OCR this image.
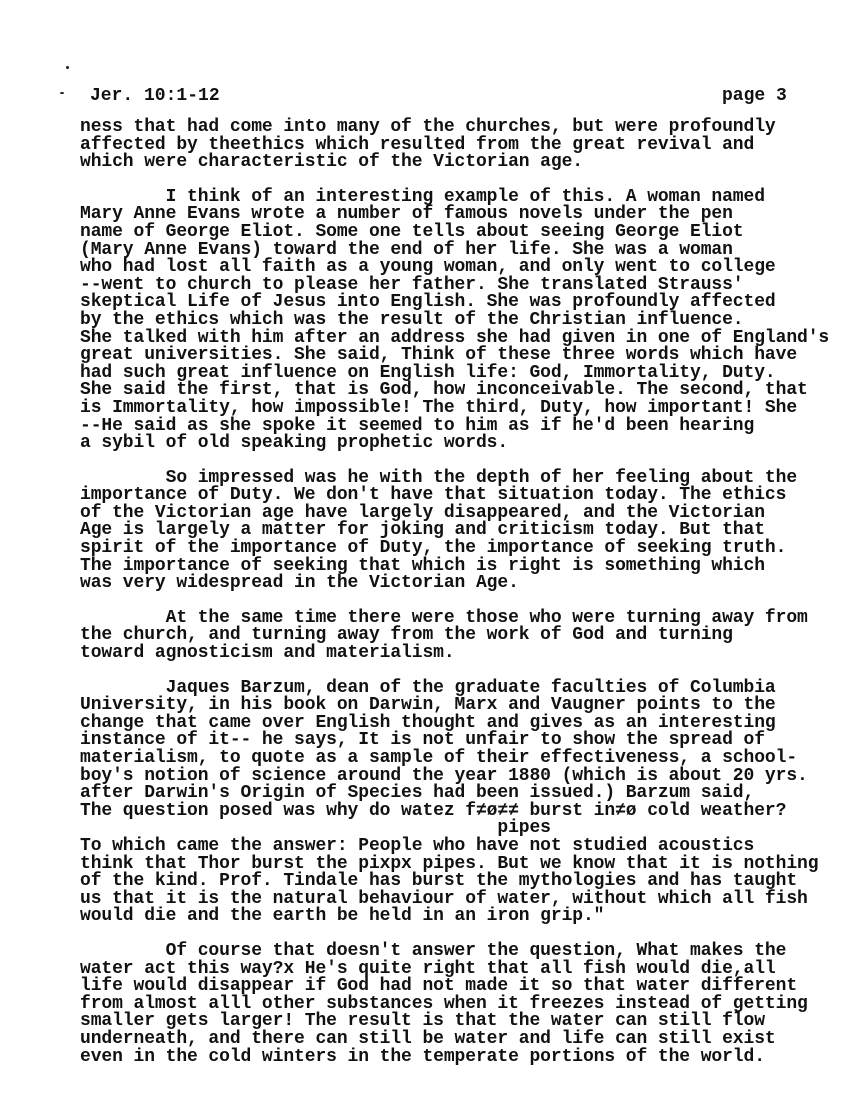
Jer. 10:1-12	page 3
ness that had come into many of the churches, but were profoundly
affected by theethics which resulted from the great revival and
which were characteristic of the Victorian age.
I think of an interesting example of this. A woman named
Mary Anne Evans wrote a number of famous novels under the pen
name of George Eliot. Some one tells about seeing George Eliot
(Mary Anne Evans) toward the end of her life. She was a woman
who had lost all faith as a young woman, and only went to college
--went to church to please her father. She translated Strauss'
skeptical Life of Jesus into English. She was profoundly affected
by the ethics which was the result of the Christian influence.
She talked with him after an address she had given in one of England's
great universities. She said, Think of these three words which have
had such great influence on English life: God, Immortality, Duty.
She said the first, that is God, how inconceivable. The second, that
is Immortality, how impossible! The third, Duty, how important! She
--He said as she spoke it seemed to him as if he'd been hearing
a sybil of old speaking prophetic words.
So impressed was he with the depth of her feeling about the
importance of Duty. We don't have that situation today. The ethics
of the Victorian age have largely disappeared, and the Victorian
Age is largely a matter for joking and criticism today. But that
spirit of the importance of Duty, the importance of seeking truth.
The importance of seeking that which is right is something which
was very widespread in the Victorian Age.
At the same time there were those who were turning away from
the church, and turning away from the work of God and turning
toward agnosticism and materialism.
Jaques Barzum, dean of the graduate faculties of Columbia
University, in his book on Darwin, Marx and Vaugner points to the
change that came over English thought and gives as an interesting
instance of it-- he says, It is not unfair to show the spread of
materialism, to quote as a sample of their effectiveness, a school-
boy's notion of science around the year 1880 (which is about 20 yrs.
after Darwin's Origin of Species had been issued.) Barzum said,
The question posed was why do watez f≠ø≠≠ burst in≠ø cold weather?
pipes
To which came the answer: People who have not studied acoustics
think that Thor burst the pixpx pipes. But we know that it is nothing
of the kind. Prof. Tindale has burst the mythologies and has taught
us that it is the natural behaviour of water, without which all fish
would die and the earth be held in an iron grip."
Of course that doesn't answer the question, What makes the
water act this way?x He's quite right that all fish would die,all
life would disappear if God had not made it so that water different
from almost alll other substances when it freezes instead of getting
smaller gets larger! The result is that the water can still flow
underneath, and there can still be water and life can still exist
even in the cold winters in the temperate portions of the world.
